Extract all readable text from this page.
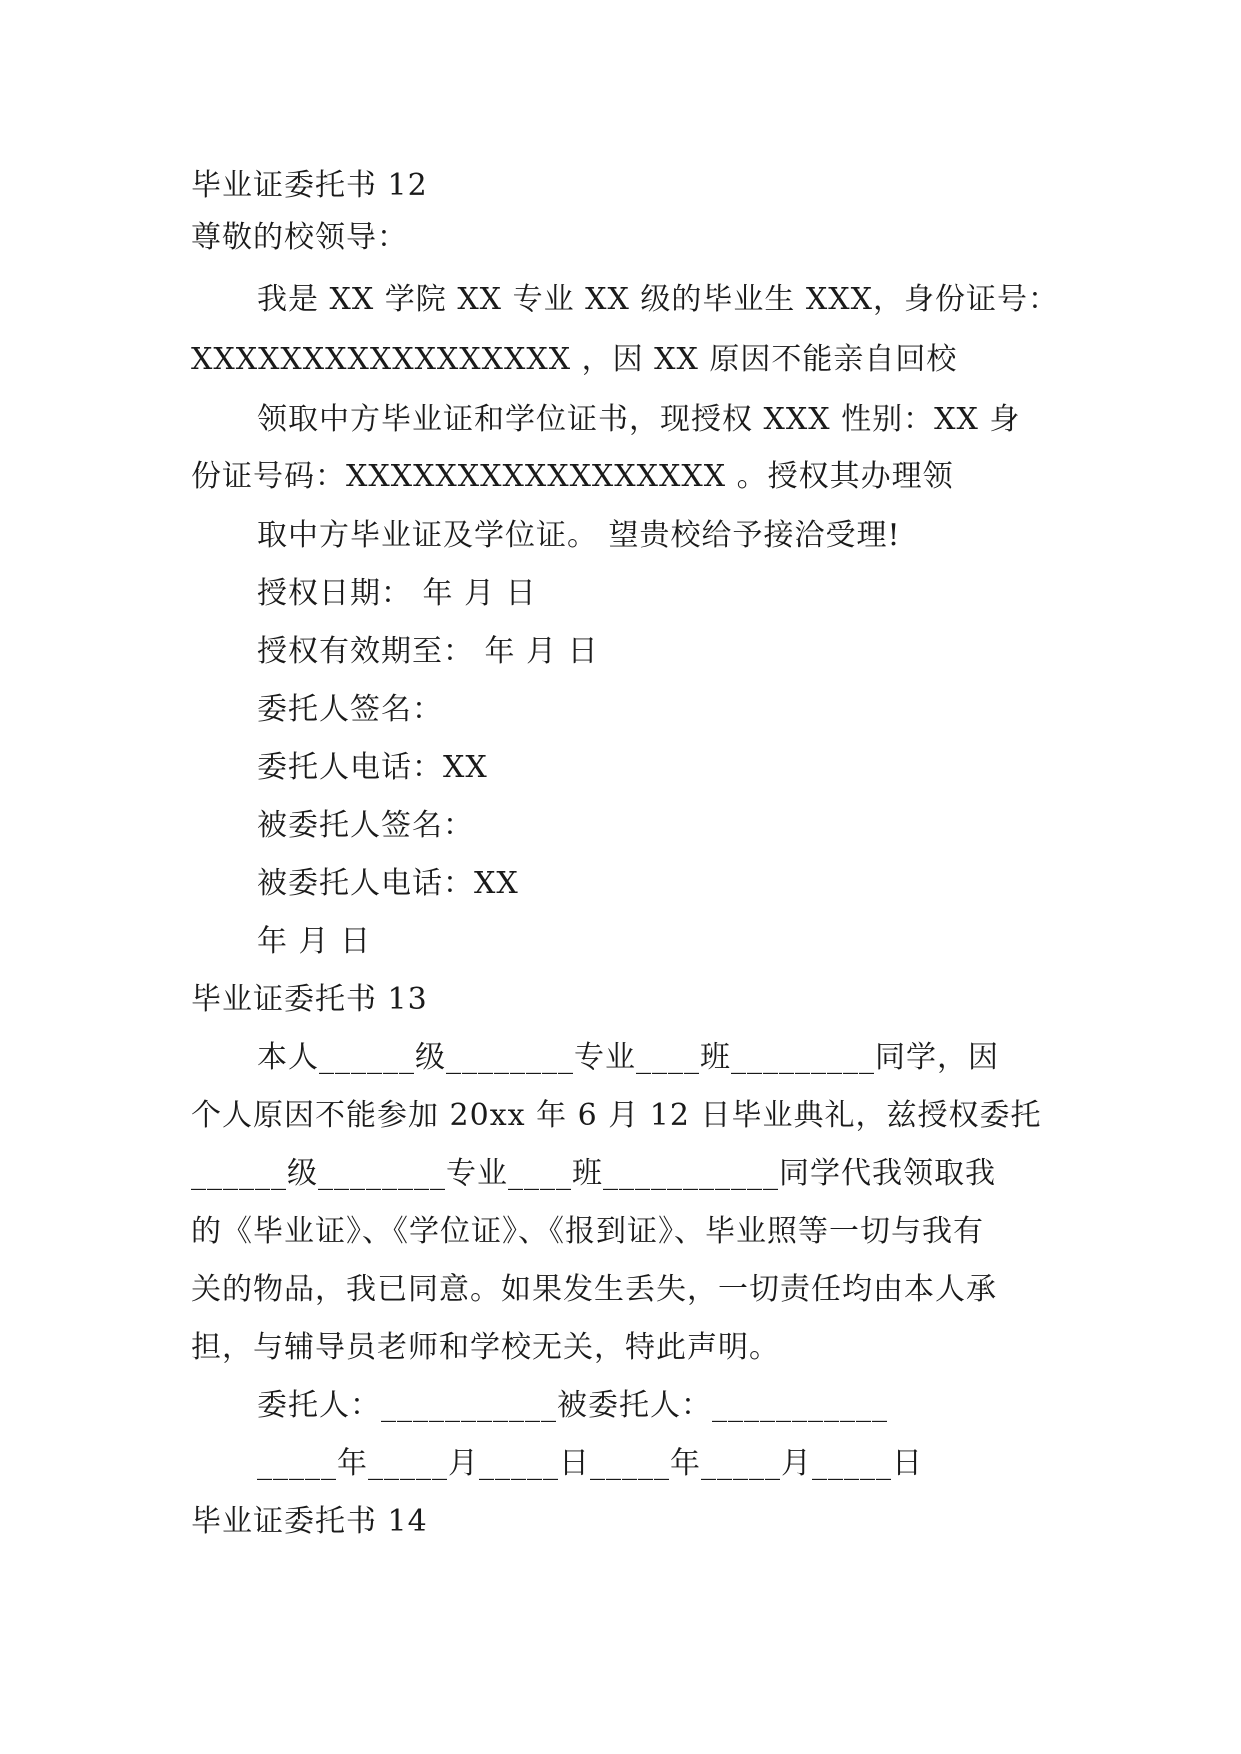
毕业证委托书 12
尊敬的校领导：
我是 XX 学院 XX 专业 XX 级的毕业生 XXX，身份证号：
XXXXXXXXXXXXXXXXX ，因 XX 原因不能亲自回校
领取中方毕业证和学位证书，现授权 XXX 性别：XX 身
份证号码：XXXXXXXXXXXXXXXXX 。授权其办理领
取中方毕业证及学位证。 望贵校给予接洽受理!
授权日期： 年 月 日
授权有效期至： 年 月 日
委托人签名：
委托人电话：XX
被委托人签名：
被委托人电话：XX
年 月 日
毕业证委托书 13
本人______级________专业____班_________同学，因
个人原因不能参加 20xx 年 6 月 12 日毕业典礼，兹授权委托
______级________专业____班___________同学代我领取我
的《毕业证》、《学位证》、《报到证》、毕业照等一切与我有
关的物品，我已同意。如果发生丢失，一切责任均由本人承
担，与辅导员老师和学校无关，特此声明。
委托人：___________被委托人：___________
_____年_____月_____日_____年_____月_____日
毕业证委托书 14
